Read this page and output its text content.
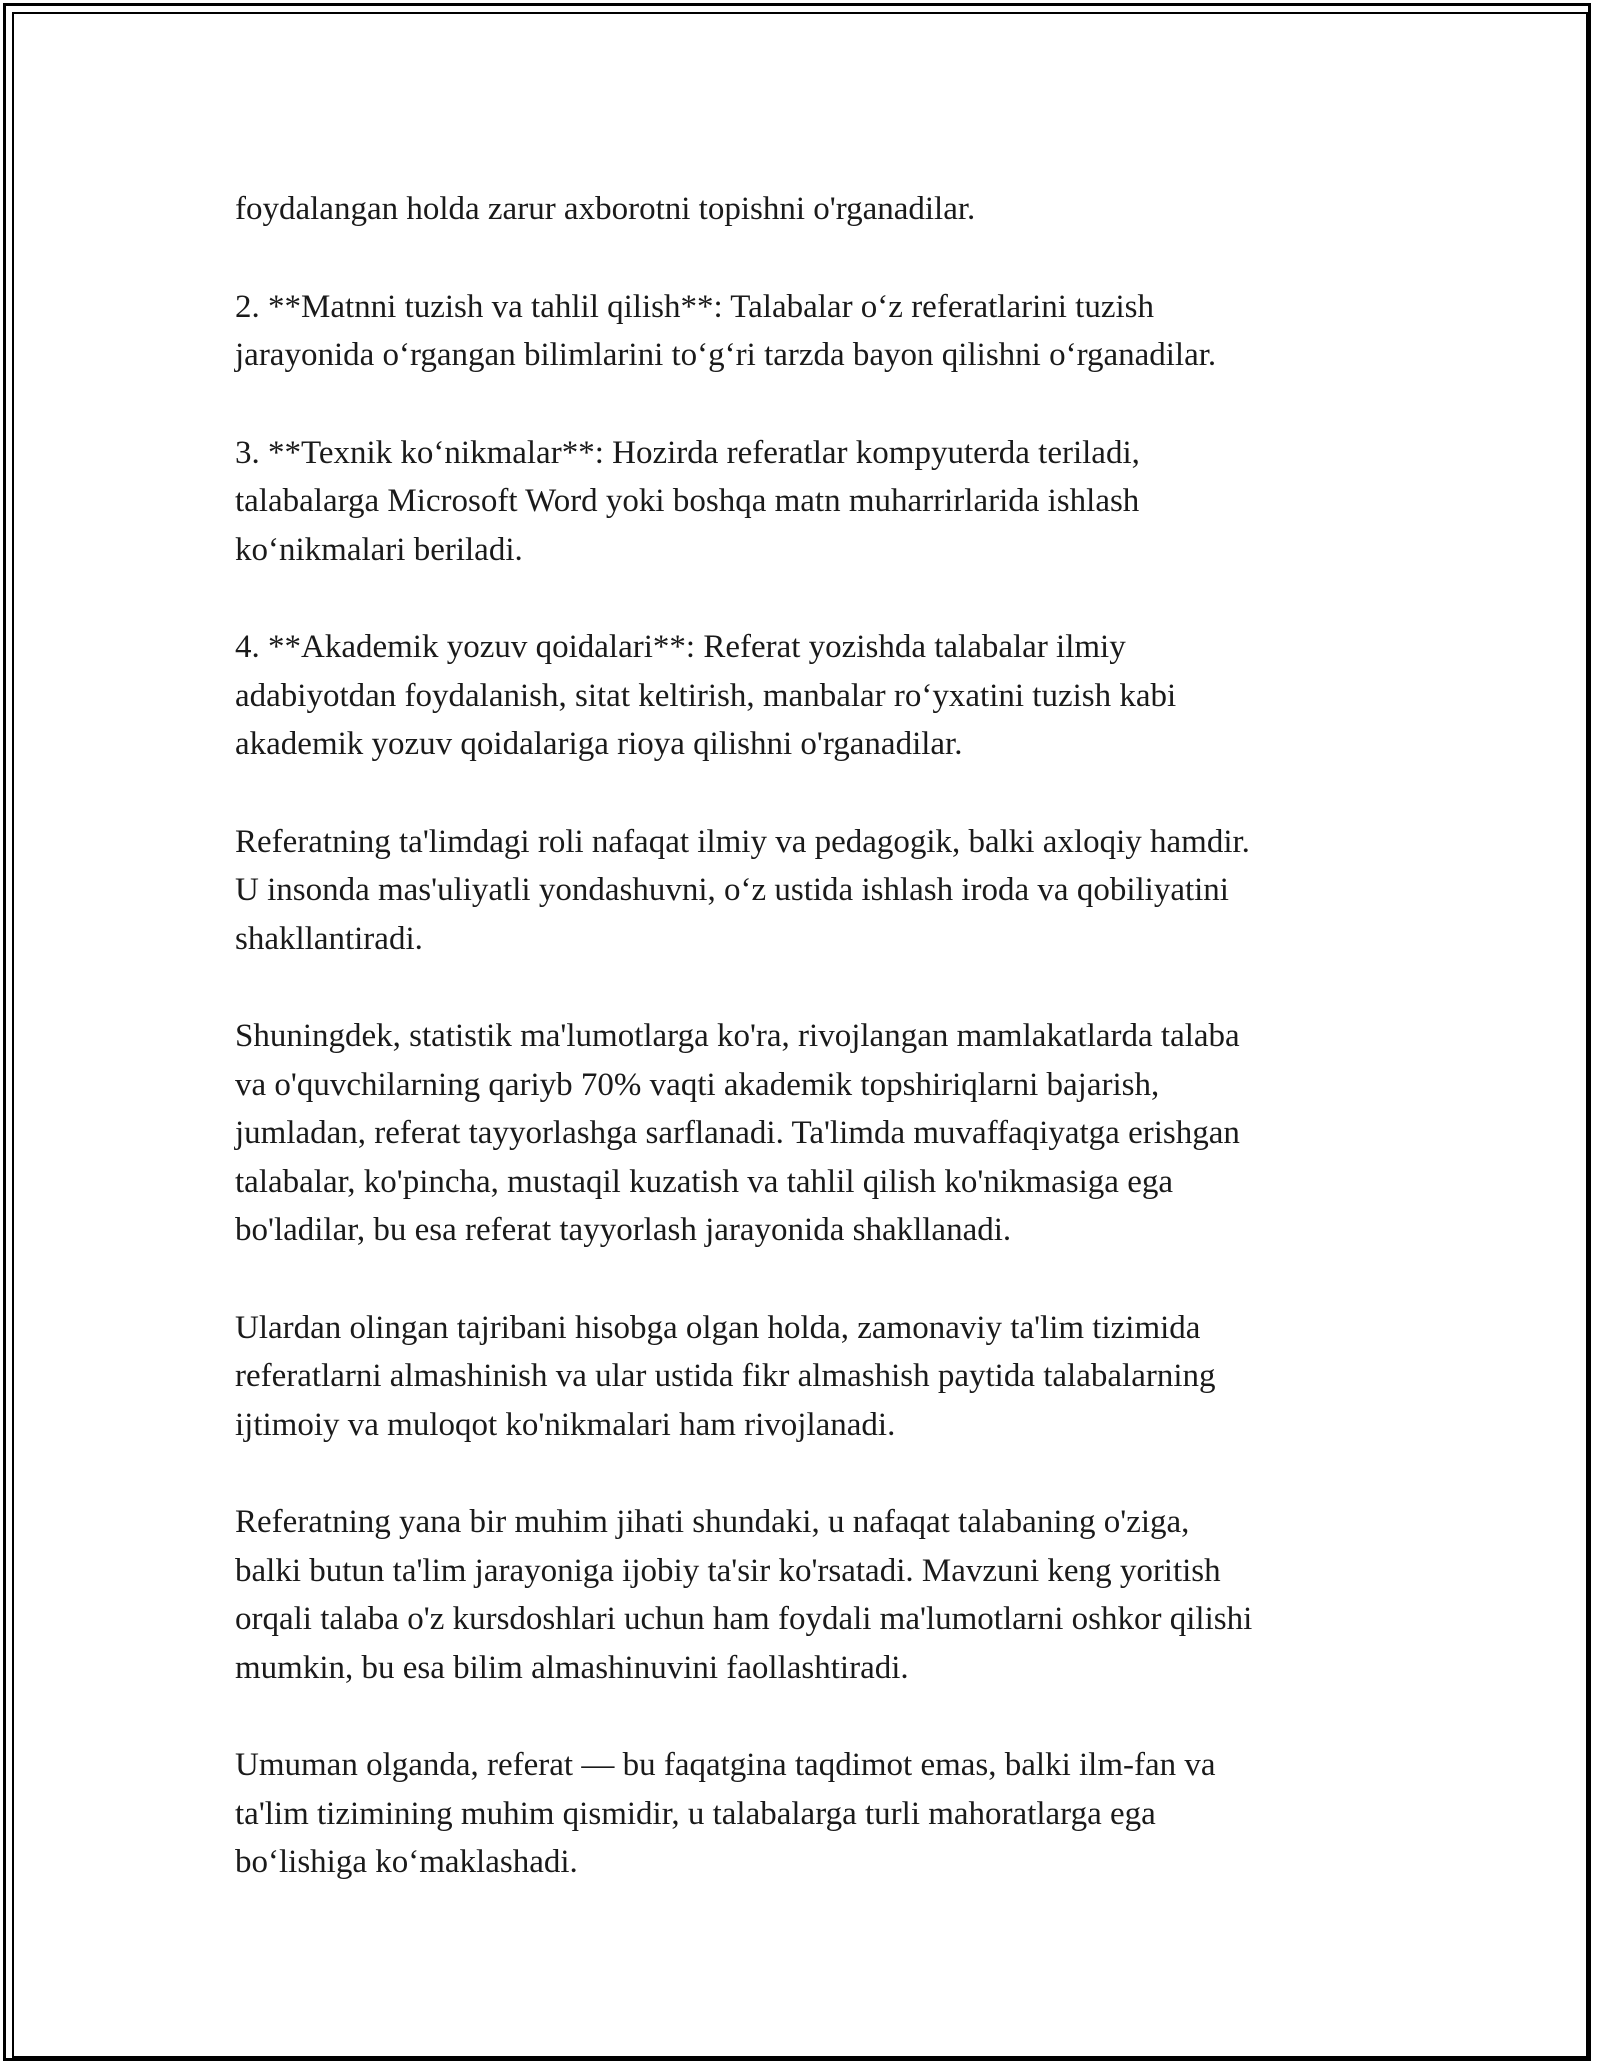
foydalangan holda zarur axborotni topishni o'rganadilar.

2. **Matnni tuzish va tahlil qilish**: Talabalar o‘z referatlarini tuzish
jarayonida o‘rgangan bilimlarini to‘g‘ri tarzda bayon qilishni o‘rganadilar.

3. **Texnik ko‘nikmalar**: Hozirda referatlar kompyuterda teriladi,
talabalarga Microsoft Word yoki boshqa matn muharrirlarida ishlash
ko‘nikmalari beriladi.

4. **Akademik yozuv qoidalari**: Referat yozishda talabalar ilmiy
adabiyotdan foydalanish, sitat keltirish, manbalar ro‘yxatini tuzish kabi
akademik yozuv qoidalariga rioya qilishni o'rganadilar.

Referatning ta'limdagi roli nafaqat ilmiy va pedagogik, balki axloqiy hamdir.
U insonda mas'uliyatli yondashuvni, o‘z ustida ishlash iroda va qobiliyatini
shakllantiradi.

Shuningdek, statistik ma'lumotlarga ko'ra, rivojlangan mamlakatlarda talaba
va o'quvchilarning qariyb 70% vaqti akademik topshiriqlarni bajarish,
jumladan, referat tayyorlashga sarflanadi. Ta'limda muvaffaqiyatga erishgan
talabalar, ko'pincha, mustaqil kuzatish va tahlil qilish ko'nikmasiga ega
bo'ladilar, bu esa referat tayyorlash jarayonida shakllanadi.

Ulardan olingan tajribani hisobga olgan holda, zamonaviy ta'lim tizimida
referatlarni almashinish va ular ustida fikr almashish paytida talabalarning
ijtimoiy va muloqot ko'nikmalari ham rivojlanadi.

Referatning yana bir muhim jihati shundaki, u nafaqat talabaning o'ziga,
balki butun ta'lim jarayoniga ijobiy ta'sir ko'rsatadi. Mavzuni keng yoritish
orqali talaba o'z kursdoshlari uchun ham foydali ma'lumotlarni oshkor qilishi
mumkin, bu esa bilim almashinuvini faollashtiradi.

Umuman olganda, referat — bu faqatgina taqdimot emas, balki ilm-fan va
ta'lim tizimining muhim qismidir, u talabalarga turli mahoratlarga ega
bo‘lishiga ko‘maklashadi.
